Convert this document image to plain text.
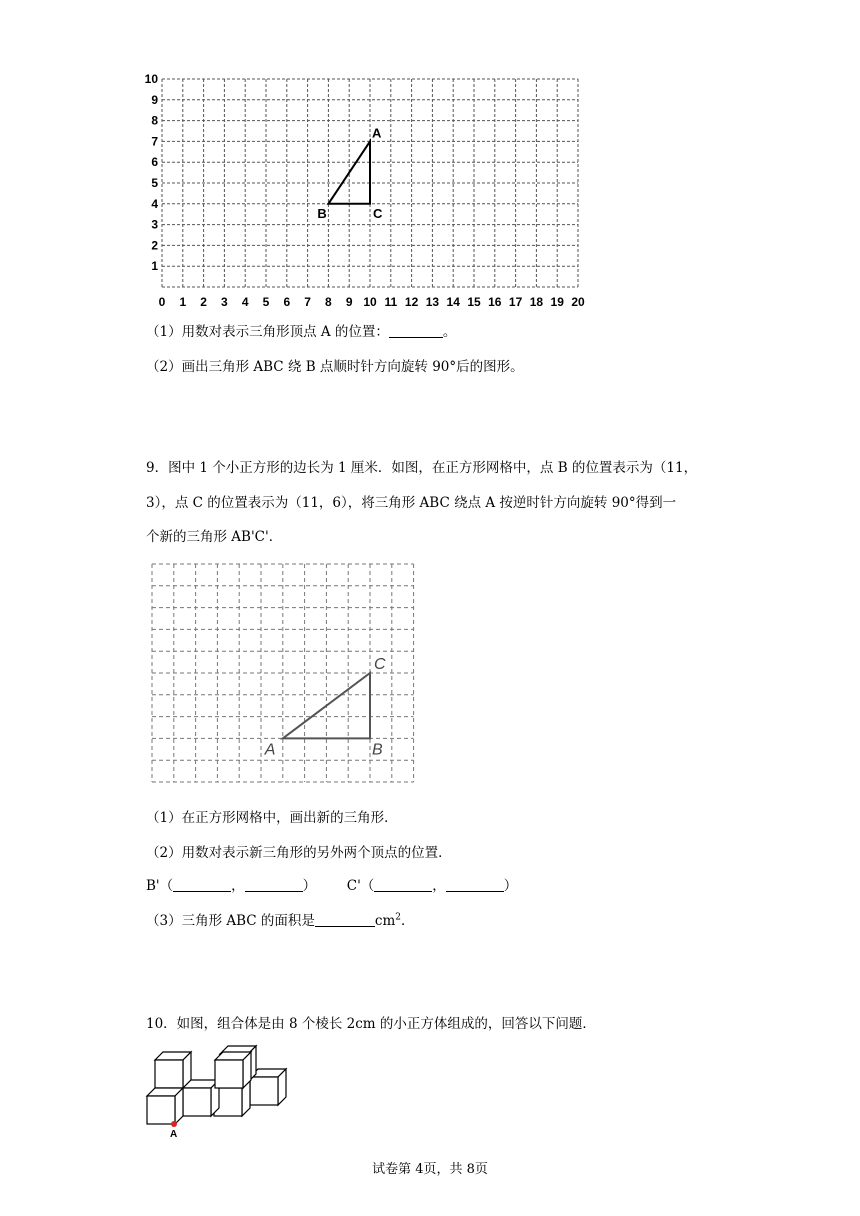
1
2
3
4
5
6
7
8
9
10
0 1 2 3 4 5 6 7 8 9 10 11 12 13 14 15 16 17 18 19 20
A
B	C
（1）用数对表示三角形顶点 A 的位置：	。
（2）画出三角形 ABC 绕 B 点顺时针方向旋转 90°后的图形。
9．图中 1 个小正方形的边长为 1 厘米．如图，在正方形网格中，点 B 的位置表示为（11，
3），点 C 的位置表示为（11，6），将三角形 ABC 绕点 A 按逆时针方向旋转 90°得到一
个新的三角形 AB'C'．
A	B
C
（1）在正方形网格中，画出新的三角形．
（2）用数对表示新三角形的另外两个顶点的位置．
B'（	，	） C'（	，	）
（3）三角形 ABC 的面积是	$cm^2$．
10．如图，组合体是由 8 个棱长 2cm 的小正方体组成的，回答以下问题．
A
试卷第 4页，共 8页
